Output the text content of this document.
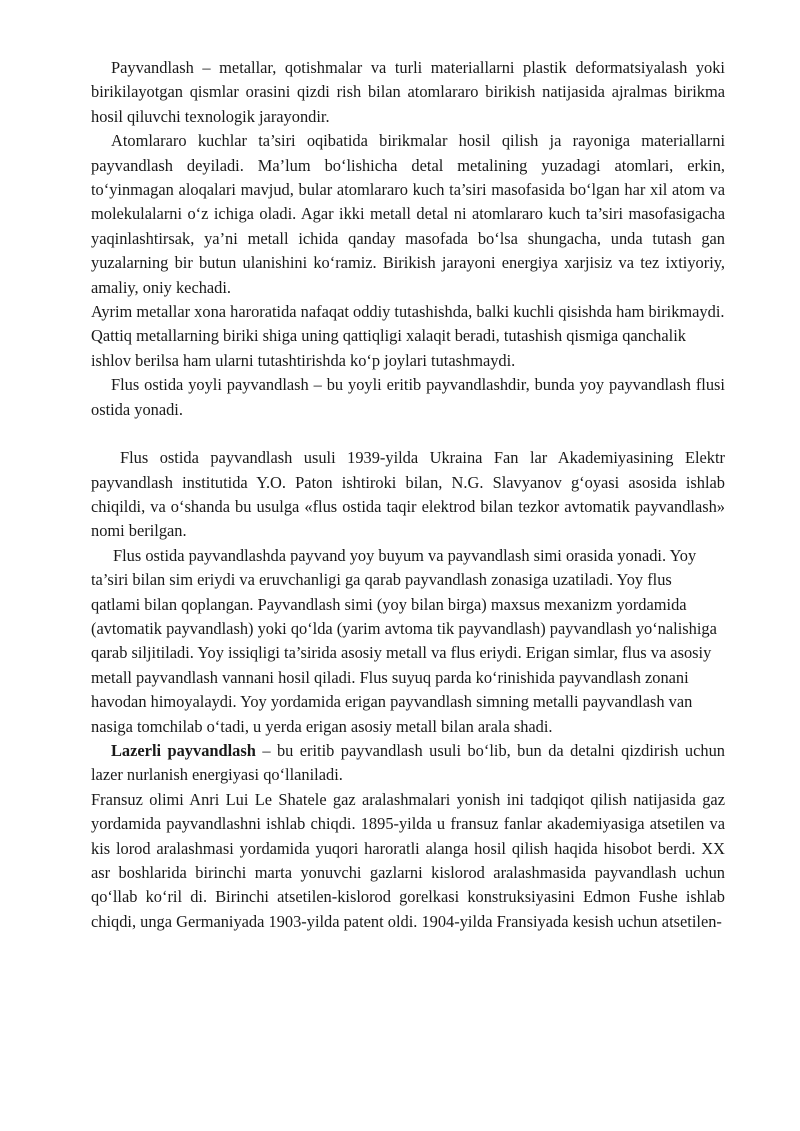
Payvandlash – metallar, qotishmalar va turli materiallarni plastik deformatsiyalash yoki birikilayotgan qismlar orasini qizdi rish bilan atomlararo birikish natijasida ajralmas birikma hosil qiluvchi texnologik jarayondir.

Atomlararo kuchlar ta’siri oqibatida birikmalar hosil qilish ja rayoniga materiallarni payvandlash deyiladi. Ma’lum bo‘lishicha detal metalining yuzadagi atomlari, erkin, to‘yinmagan aloqalari mavjud, bular atomlararo kuch ta’siri masofasida bo‘lgan har xil atom va molekulalarni o‘z ichiga oladi. Agar ikki metall detal ni atomlararo kuch ta’siri masofasigacha yaqinlashtirsak, ya’ni metall ichida qanday masofada bo‘lsa shungacha, unda tutash gan yuzalarning bir butun ulanishini ko‘ramiz. Birikish jarayoni energiya xarjisiz va tez ixtiyoriy, amaliy, oniy kechadi.

Ayrim metallar xona haroratida nafaqat oddiy tutashishda, balki kuchli qisishda ham birikmaydi. Qattiq metallarning biriki shiga uning qattiqligi xalaqit beradi, tutashish qismiga qanchalik ishlov berilsa ham ularni tutashtirishda ko‘p joylari tutashmaydi.

Flus ostida yoyli payvandlash – bu yoyli eritib payvandlashdir, bunda yoy payvandlash flusi ostida yonadi.

Flus ostida payvandlash usuli 1939-yilda Ukraina Fan lar Akademiyasining Elektr payvandlash institutida Y.O. Paton ishtiroki bilan, N.G. Slavyanov g‘oyasi asosida ishlab chiqildi, va o‘shanda bu usulga «flus ostida taqir elektrod bilan tezkor avtomatik payvandlash» nomi berilgan.

Flus ostida payvandlashda payvand yoy buyum va payvandlash simi orasida yonadi. Yoy ta’siri bilan sim eriydi va eruvchanligi ga qarab payvandlash zonasiga uzatiladi. Yoy flus qatlami bilan qoplangan. Payvandlash simi (yoy bilan birga) maxsus mexanizm yordamida (avtomatik payvandlash) yoki qo‘lda (yarim avtoma tik payvandlash) payvandlash yo‘nalishiga qarab siljitiladi. Yoy issiqligi ta’sirida asosiy metall va flus eriydi. Erigan simlar, flus va asosiy metall payvandlash vannani hosil qiladi. Flus suyuq parda ko‘rinishida payvandlash zonani havodan himoyalaydi. Yoy yordamida erigan payvandlash simning metalli payvandlash van nasiga tomchilab o‘tadi, u yerda erigan asosiy metall bilan arala shadi.

Lazerli payvandlash – bu eritib payvandlash usuli bo‘lib, bun da detalni qizdirish uchun lazer nurlanish energiyasi qo‘llaniladi.

Fransuz olimi Anri Lui Le Shatele gaz aralashmalari yonish ini tadqiqot qilish natijasida gaz yordamida payvandlashni ishlab chiqdi. 1895-yilda u fransuz fanlar akademiyasiga atsetilen va kis lorod aralashmasi yordamida yuqori haroratli alanga hosil qilish haqida hisobot berdi. XX asr boshlarida birinchi marta yonuvchi gazlarni kislorod aralashmasida payvandlash uchun qo‘llab ko‘ril di. Birinchi atsetilen-kislorod gorelkasi konstruksiyasini Edmon Fushe ishlab chiqdi, unga Germaniyada 1903-yilda patent oldi. 1904-yilda Fransiyada kesish uchun atsetilen-
